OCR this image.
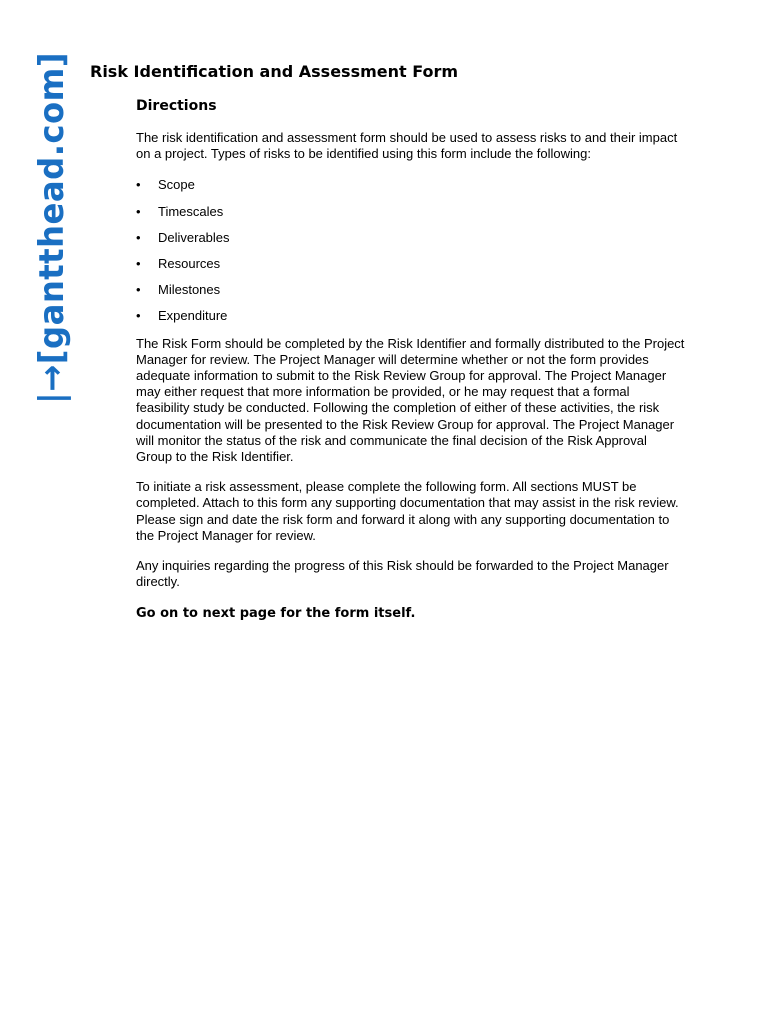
|→[gantthead.com] Risk Identification and Assessment Form
Directions

The risk identification and assessment form should be used to assess risks to and their impact on a project. Types of risks to be identified using this form include the following:

• Scope
• Timescales
• Deliverables
• Resources
• Milestones
• Expenditure

The Risk Form should be completed by the Risk Identifier and formally distributed to the Project Manager for review. The Project Manager will determine whether or not the form provides adequate information to submit to the Risk Review Group for approval. The Project Manager may either request that more information be provided, or he may request that a formal feasibility study be conducted. Following the completion of either of these activities, the risk documentation will be presented to the Risk Review Group for approval. The Project Manager will monitor the status of the risk and communicate the final decision of the Risk Approval Group to the Risk Identifier.

To initiate a risk assessment, please complete the following form. All sections MUST be completed. Attach to this form any supporting documentation that may assist in the risk review. Please sign and date the risk form and forward it along with any supporting documentation to the Project Manager for review.

Any inquiries regarding the progress of this Risk should be forwarded to the Project Manager directly.

Go on to next page for the form itself.
